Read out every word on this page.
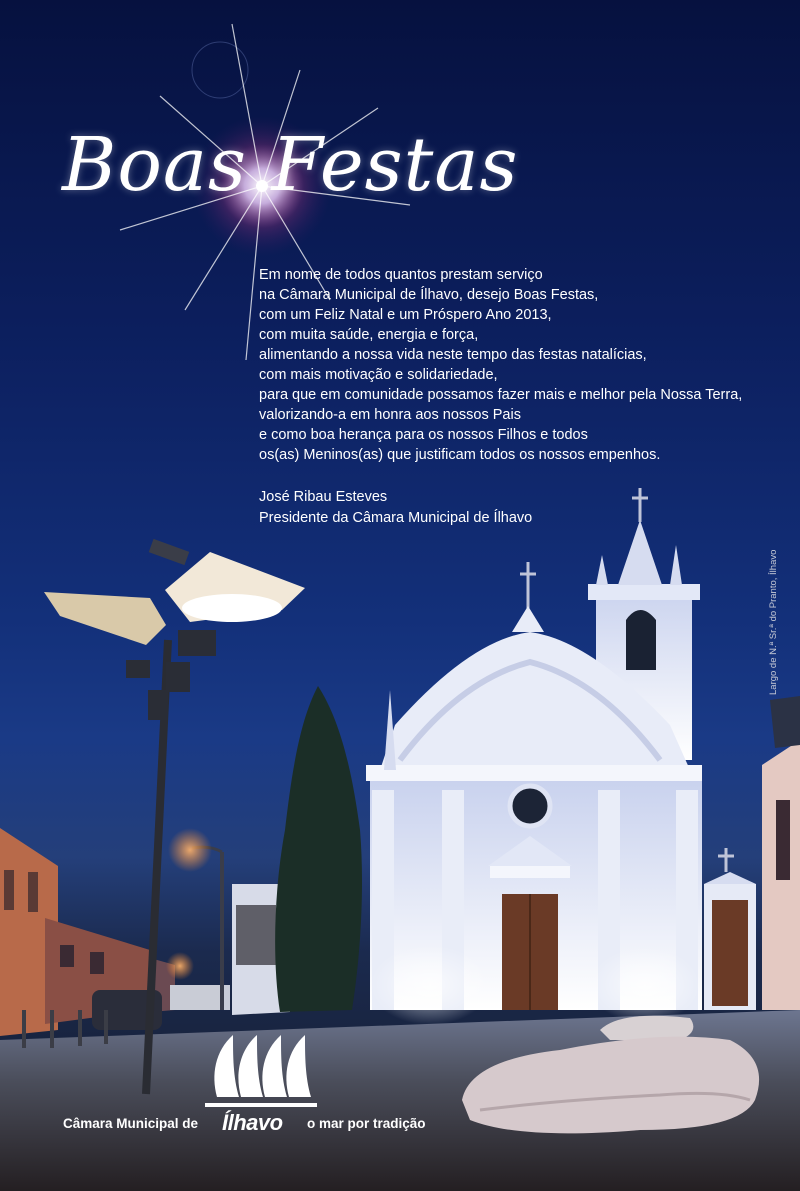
Boas Festas
Em nome de todos quantos prestam serviço
na Câmara Municipal de Ílhavo, desejo Boas Festas,
com um Feliz Natal e um Próspero Ano 2013,
com muita saúde, energia e força,
alimentando a nossa vida neste tempo das festas natalícias,
com mais motivação e solidariedade,
para que em comunidade possamos fazer mais e melhor pela Nossa Terra,
valorizando-a em honra aos nossos Pais
e como boa herança para os nossos Filhos e todos
os(as) Meninos(as) que justificam todos os nossos empenhos.
José Ribau Esteves
Presidente da Câmara Municipal de Ílhavo
Largo de N.ª Sr.ª do Pranto, Ílhavo
Câmara Municipal de Ílhavo o mar por tradição
